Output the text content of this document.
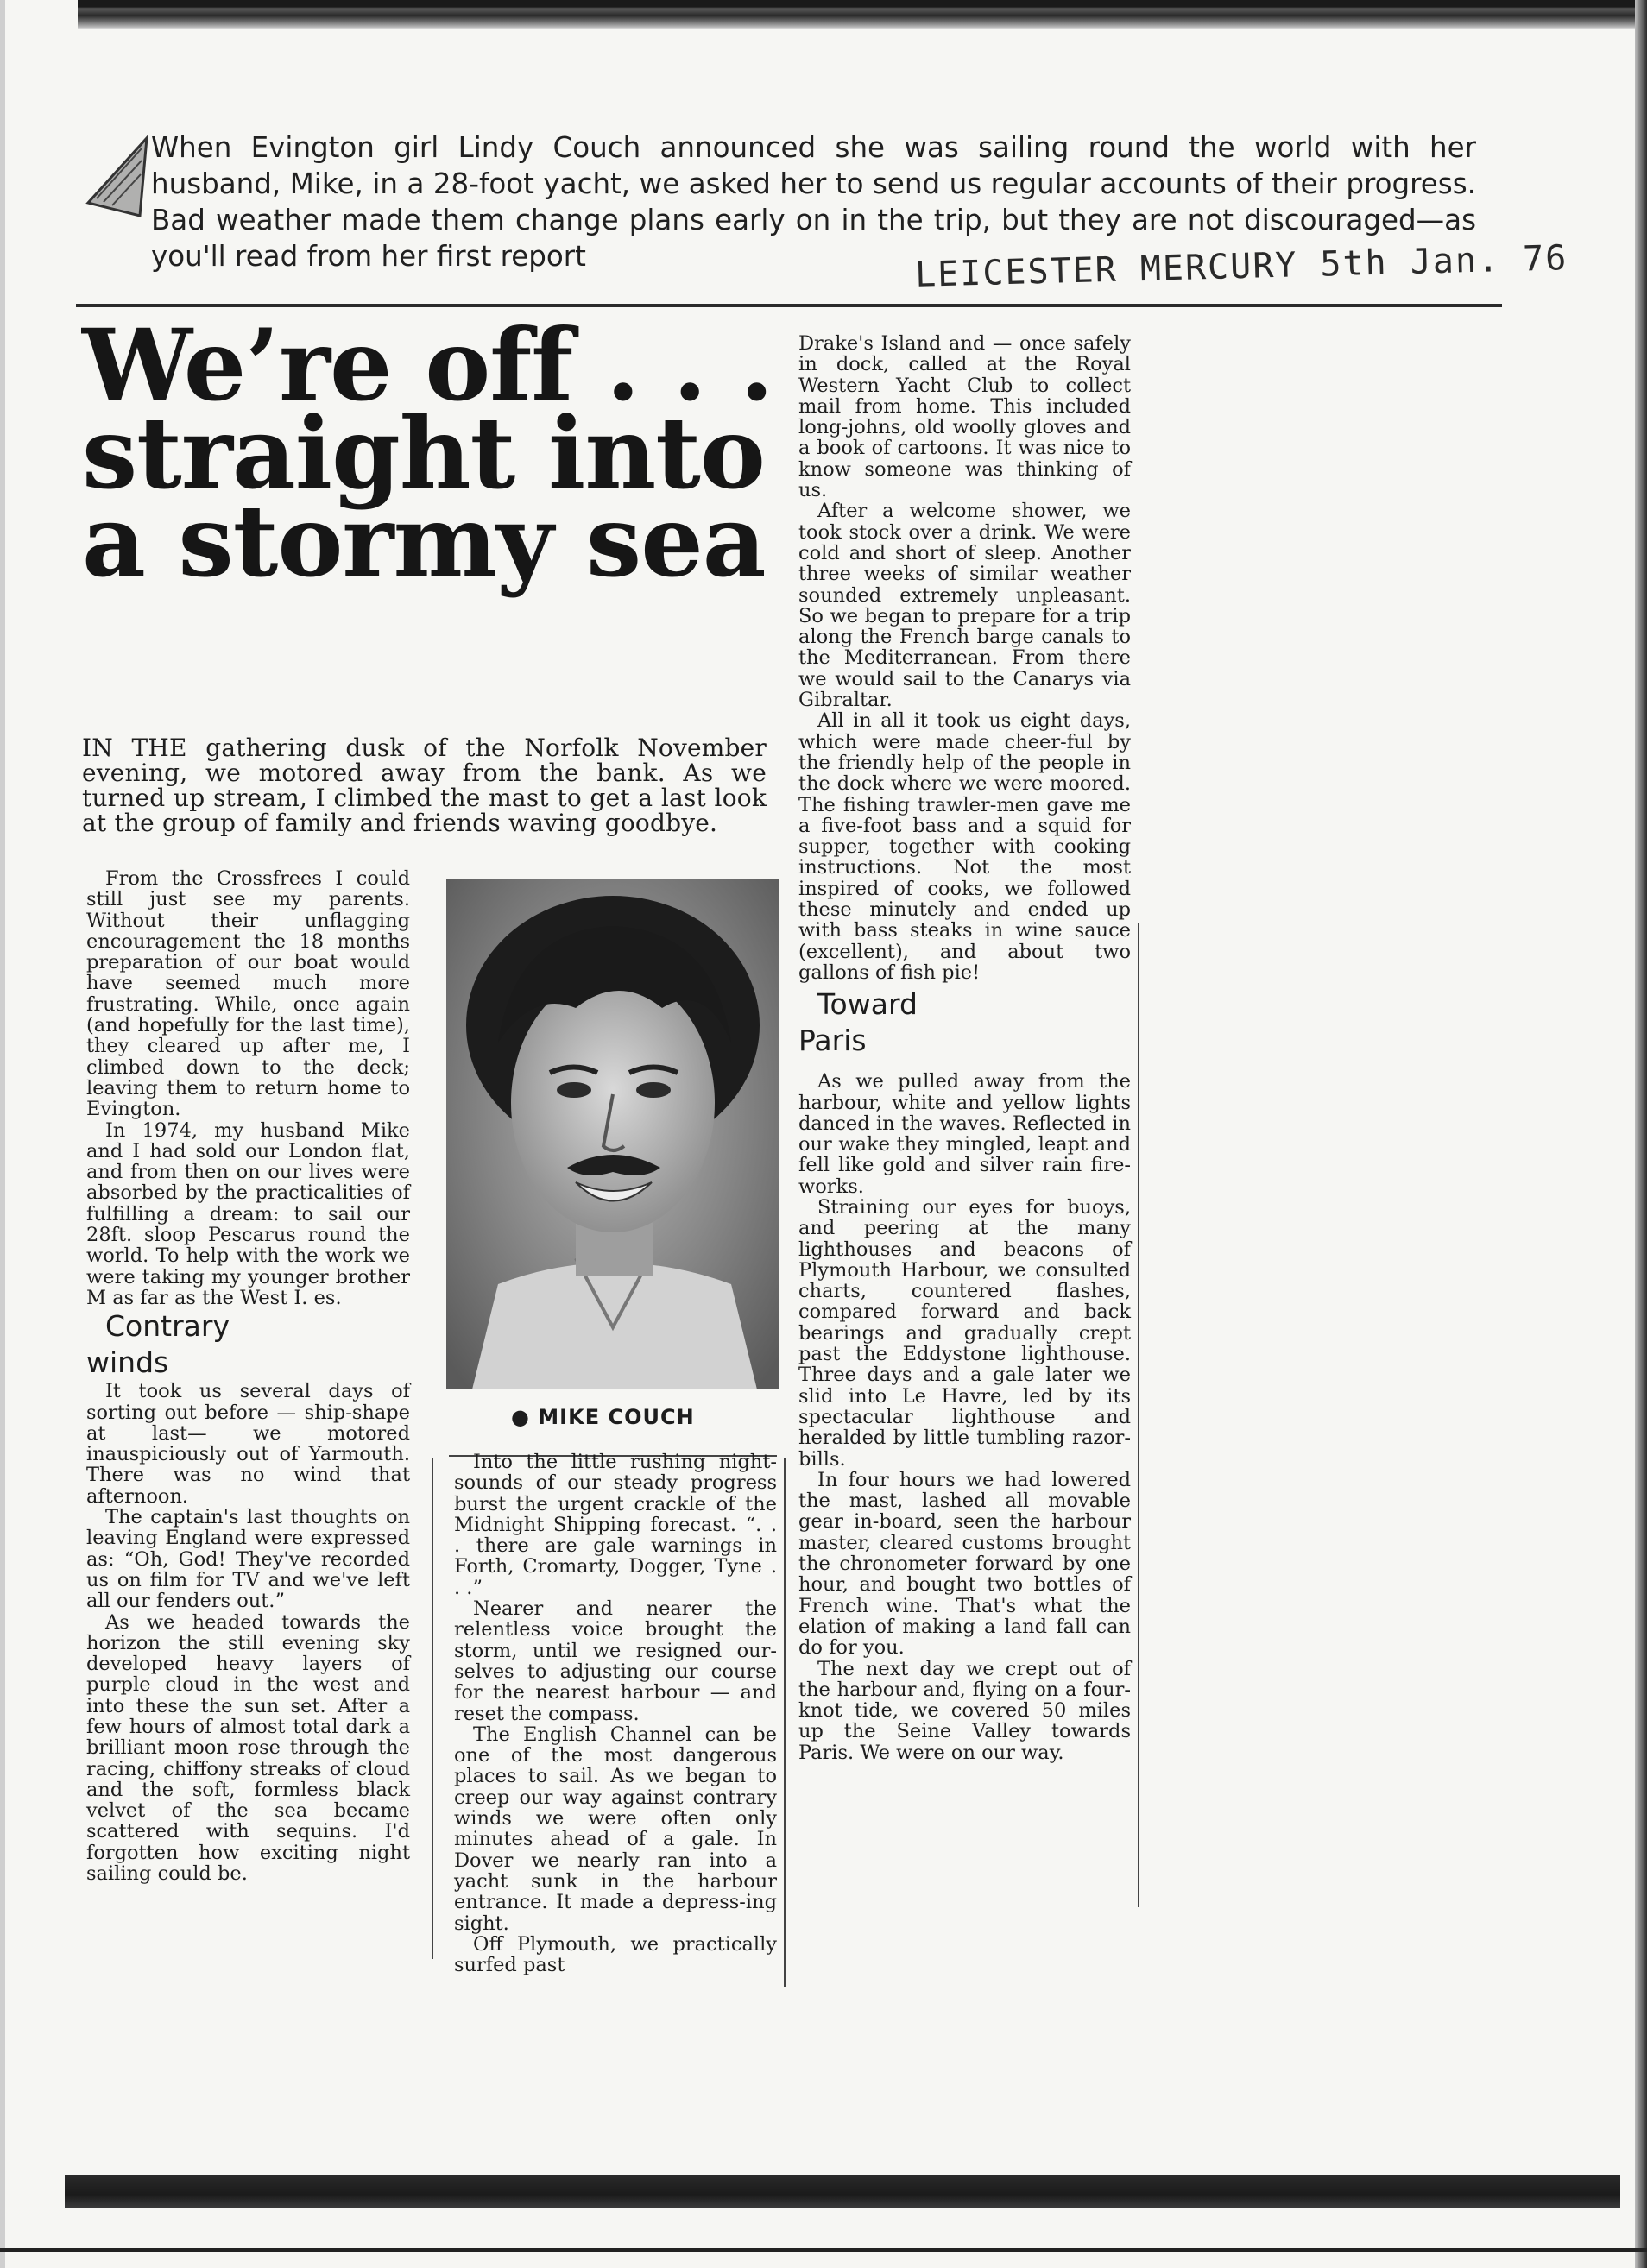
When Evington girl Lindy Couch announced she was sailing round the world with her husband, Mike, in a 28-foot yacht, we asked her to send us regular accounts of their progress. Bad weather made them change plans early on in the trip, but they are not discouraged—as you'll read from her first report	LEICESTER MERCURY 5th Jan. 76
We’re off . . .
straight into
a stormy sea
IN THE gathering dusk of the Norfolk November evening, we motored away from the bank. As we turned up stream, I climbed the mast to get a last look at the group of family and friends waving goodbye.

From the Crossfrees I could still just see my parents. Without their unflagging encouragement the 18 months preparation of our boat would have seemed much more frustrating. While, once again (and hopefully for the last time), they cleared up after me, I climbed down to the deck; leaving them to return home to Evington.

In 1974, my husband Mike and I had sold our London flat, and from then on our lives were absorbed by the practicalities of fulfilling a dream: to sail our 28ft. sloop Pescarus round the world. To help with the work we were taking my younger brother M as far as the West I. es.

Contrary
winds

It took us several days of sorting out before — ship-shape at last— we motored inauspiciously out of Yarmouth. There was no wind that afternoon.

The captain's last thoughts on leaving England were expressed as: “Oh, God! They've recorded us on film for TV and we've left all our fenders out.”

As we headed towards the horizon the still evening sky developed heavy layers of purple cloud in the west and into these the sun set. After a few hours of almost total dark a brilliant moon rose through the racing, chiffony streaks of cloud and the soft, formless black velvet of the sea became scattered with sequins. I'd forgotten how exciting night sailing could be.

● MIKE COUCH

Into the little rushing night-sounds of our steady progress burst the urgent crackle of the Midnight Shipping forecast. “. . . there are gale warnings in Forth, Cromarty, Dogger, Tyne . . .”

Nearer and nearer the relentless voice brought the storm, until we resigned our-selves to adjusting our course for the nearest harbour — and reset the compass.

The English Channel can be one of the most dangerous places to sail. As we began to creep our way against contrary winds we were often only minutes ahead of a gale. In Dover we nearly ran into a yacht sunk in the harbour entrance. It made a depress-ing sight.

Off Plymouth, we practically surfed past

Drake's Island and — once safely in dock, called at the Royal Western Yacht Club to collect mail from home. This included long-johns, old woolly gloves and a book of cartoons. It was nice to know someone was thinking of us.

After a welcome shower, we took stock over a drink. We were cold and short of sleep. Another three weeks of similar weather sounded extremely unpleasant. So we began to prepare for a trip along the French barge canals to the Mediterranean. From there we would sail to the Canarys via Gibraltar.

All in all it took us eight days, which were made cheer-ful by the friendly help of the people in the dock where we were moored. The fishing trawler-men gave me a five-foot bass and a squid for supper, together with cooking instructions. Not the most inspired of cooks, we followed these minutely and ended up with bass steaks in wine sauce (excellent), and about two gallons of fish pie!

Toward
Paris

As we pulled away from the harbour, white and yellow lights danced in the waves. Reflected in our wake they mingled, leapt and fell like gold and silver rain fire-works.

Straining our eyes for buoys, and peering at the many lighthouses and beacons of Plymouth Harbour, we consulted charts, countered flashes, compared forward and back bearings and gradually crept past the Eddystone lighthouse. Three days and a gale later we slid into Le Havre, led by its spectacular lighthouse and heralded by little tumbling razor-bills.

In four hours we had lowered the mast, lashed all movable gear in-board, seen the harbour master, cleared customs brought the chronometer forward by one hour, and bought two bottles of French wine. That's what the elation of making a land fall can do for you.

The next day we crept out of the harbour and, flying on a four-knot tide, we covered 50 miles up the Seine Valley towards Paris. We were on our way.
